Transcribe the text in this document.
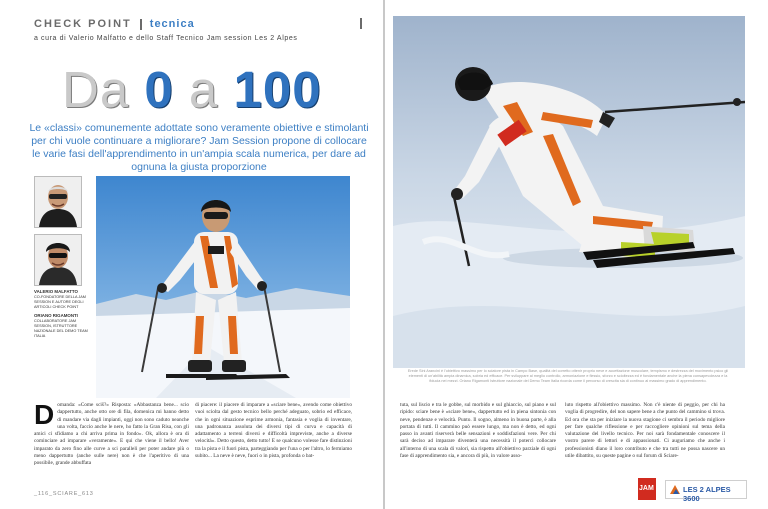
CHECK POINT tecnica
a cura di Valerio Malfatto e dello Staff Tecnico Jam session Les 2 Alpes
Da 0 a 100
Le «classi» comunemente adottate sono veramente obiettive e stimolanti per chi vuole continuare a migliorare? Jam Session propone di collocare le varie fasi dell'apprendimento in un'ampia scala numerica, per dare ad ognuna la giusta proporzione
VALERIO MALFATTO
CO-FONDATORE DELLA JAM SESSION E AUTORE DEGLI ARTICOLI CHECK POINT
ORIANO RIGAMONTI
COLLABORATORE JAM SESSION, ISTRUTTORE NAZIONALE DEL DEMO TEAM ITALIA
D omanda: «Come sciš?» Risposta: «Abbastanza bene... scio dappertutto, anche otto ore di fila, domenica mi hanno detto di mandare via dagli impianti, oggi non sono caduto neanche una volta, faccio anche le nere, ho fatto la Gran Risa, con gli amici ci sfidiamo a chi arriva prima in fondo». Ok, allora è ora di cominciare ad imparare «veramente». E qui che viene il bello! Aver imparato da zero fino alle curve a sci paralleli per poter andare più o meno dappertutto (anche sulle nere) non è che l'aperitivo di una possibile, grande abbuffata

di piacere: il piacere di imparare a «sciare bene», avendo come obiettivo vuoi sciolta dal gesto tecnico bello perché adeguato, sobrio ed efficace, che in ogni situazione esprime armonia, fantasia e voglia di inventare, una padronanza assoluta dei diversi tipi di curva e capacità di adattamento a terreni diversi e difficoltà impreviste, anche a diverse velocità». Detto questo, detto tutto! E se qualcuno volesse fare distinzioni tra la pista e il fuori pista, parteggiando per l'una o per l'altro, lo fermiamo subito... La neve è neve, fuori o in pista, profonda o bat-

_116_SCIARE_613
Erede Sini Arancini è l'obiettivo massimo per lo sciatore pista in Campo Base, qualità del corretto ottenir proprio neve e accettazione muscolare, tempismo e destrezza del movimento psico gli elementi di un'abilità ampia dinamica, sobria ed efficace. Per sviluppare al meglio controllo, armoniazione e flessio, sforzo e scioltezza ed è fondamentale anche la piena consapevolezza e la fiducia nei mezzi. Oriano Rigamonti Istruttore nazionale del Demo Team Italia ricorda come il percorso di crescita sia di continuo al massimo grado di apprendimento.

tuta, sul liscio e tra le gobbe, sul morbido e sul ghiaccio, sul piano e sul ripido: sciare bene è «sciare bene», dappertutto ed in piena sintonia con neve, pendenze e velocità. Punto. Il sogno, almeno in buona parte, è alla portata di tutti. Il cammino può essere lungo, ma non è detto, ed ogni passo in avanti riserverà belle sensazioni e soddisfazioni vere. Per chi sarà deciso ad imparare diventerà una necessità il poterci collocare all'interno di una scala di valori, sia rispetto all'obiettivo parziale di ogni fase di apprendimento sia, e ancora di più, in valore asso-

luto rispetto all'obiettivo massimo. Non c'è niente di peggio, per chi ha voglia di progredire, del non sapere bene a che punto del cammino si trova. Ed ora che sta per iniziare la nuova stagione ci sembra il periodo migliore per fare qualche riflessione e per raccogliere opinioni sul tema della valutazione del livello tecnico. Per noi sarà fondamentale conoscere il vostro parere di lettori e di appassionati. Ci auguriamo che anche i professionisti diano il loro contributo e che tra tutti ne possa nascere un utile dibattito, su queste pagine o sul forum di Sciare-

JAM	LES 2 ALPES 3600
